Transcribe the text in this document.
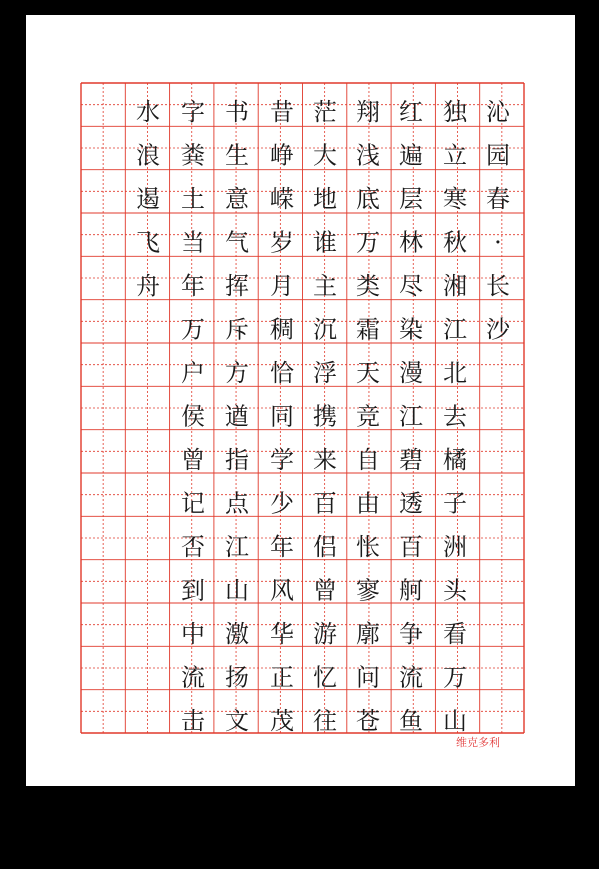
沁
园
春
·
长
沙
独
立
寒
秋
湘
江
北
去
橘
子
洲
头
看
万
山
红
遍
层
林
尽
染
漫
江
碧
透
百
舸
争
流
鱼
翔
浅
底
万
类
霜
天
竞
自
由
怅
寥
廓
问
苍
茫
大
地
谁
主
沉
浮
携
来
百
侣
曾
游
忆
往
昔
峥
嵘
岁
月
稠
恰
同
学
少
年
风
华
正
茂
书
生
意
气
挥
斥
方
遒
指
点
江
山
激
扬
文
字
粪
土
当
年
万
户
侯
曾
记
否
到
中
流
击
水
浪
遏
飞
舟
维克多利
